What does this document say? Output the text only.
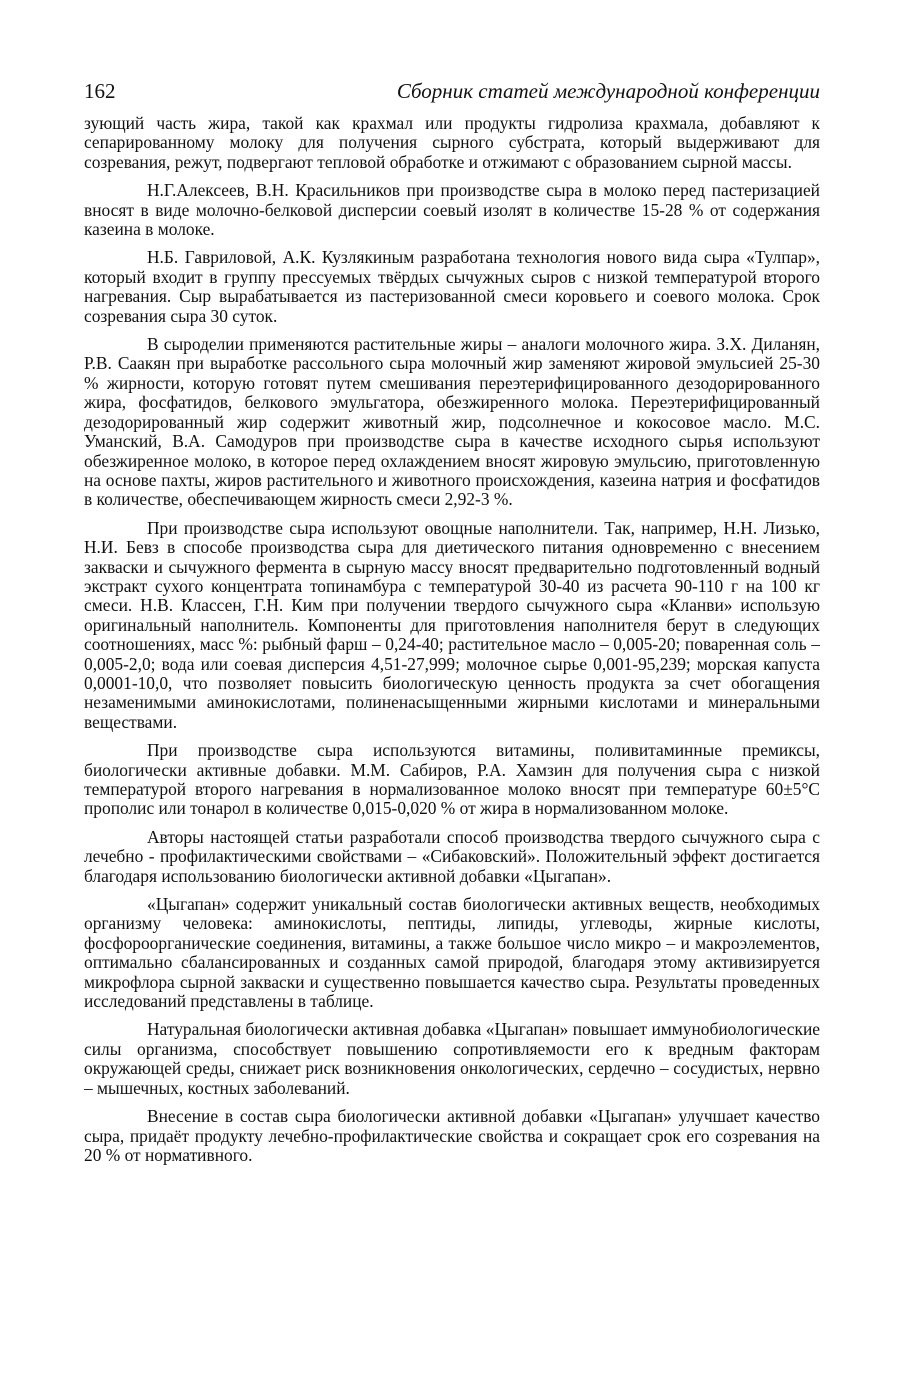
162	Сборник статей международной конференции

зующий часть жира, такой как крахмал или продукты гидролиза крахмала, добавляют к сепарированному молоку для получения сырного субстрата, который выдерживают для созревания, режут, подвергают тепловой обработке и отжимают с образованием сырной массы.

Н.Г.Алексеев, В.Н. Красильников при производстве сыра в молоко перед пастеризацией вносят в виде молочно-белковой дисперсии соевый изолят в количестве 15-28 % от содержания казеина в молоке.

Н.Б. Гавриловой, А.К. Кузлякиным разработана технология нового вида сыра «Тулпар», который входит в группу прессуемых твёрдых сычужных сыров с низкой температурой второго нагревания. Сыр вырабатывается из пастеризованной смеси коровьего и соевого молока. Срок созревания сыра 30 суток.

В сыроделии применяются растительные жиры – аналоги молочного жира. З.Х. Диланян, Р.В. Саакян при выработке рассольного сыра молочный жир заменяют жировой эмульсией 25-30 % жирности, которую готовят путем смешивания переэтерифицированного дезодорированного жира, фосфатидов, белкового эмульгатора, обезжиренного молока. Переэтерифицированный дезодорированный жир содержит животный жир, подсолнечное и кокосовое масло. М.С. Уманский, В.А. Самодуров при производстве сыра в качестве исходного сырья используют обезжиренное молоко, в которое перед охлаждением вносят жировую эмульсию, приготовленную на основе пахты, жиров растительного и животного происхождения, казеина натрия и фосфатидов в количестве, обеспечивающем жирность смеси 2,92-3 %.

При производстве сыра используют овощные наполнители. Так, например, Н.Н. Лизько, Н.И. Бевз в способе производства сыра для диетического питания одновременно с внесением закваски и сычужного фермента в сырную массу вносят предварительно подготовленный водный экстракт сухого концентрата топинамбура с температурой 30-40 из расчета 90-110 г на 100 кг смеси. Н.В. Классен, Г.Н. Ким при получении твердого сычужного сыра «Кланви» использую оригинальный наполнитель. Компоненты для приготовления наполнителя берут в следующих соотношениях, масс %: рыбный фарш – 0,24-40; растительное масло – 0,005-20; поваренная соль – 0,005-2,0; вода или соевая дисперсия 4,51-27,999; молочное сырье 0,001-95,239; морская капуста 0,0001-10,0, что позволяет повысить биологическую ценность продукта за счет обогащения незаменимыми аминокислотами, полиненасыщенными жирными кислотами и минеральными веществами.

При производстве сыра используются витамины, поливитаминные премиксы, биологически активные добавки. М.М. Сабиров, Р.А. Хамзин для получения сыра с низкой температурой второго нагревания в нормализованное молоко вносят при температуре 60±5°С прополис или тонарол в количестве 0,015-0,020 % от жира в нормализованном молоке.

Авторы настоящей статьи разработали способ производства твердого сычужного сыра с лечебно - профилактическими свойствами – «Сибаковский». Положительный эффект достигается благодаря использованию биологически активной добавки «Цыгапан».

«Цыгапан» содержит уникальный состав биологически активных веществ, необходимых организму человека: аминокислоты, пептиды, липиды, углеводы, жирные кислоты, фосфороорганические соединения, витамины, а также большое число микро – и макроэлементов, оптимально сбалансированных и созданных самой природой, благодаря этому активизируется микрофлора сырной закваски и существенно повышается качество сыра. Результаты проведенных исследований представлены в таблице.

Натуральная биологически активная добавка «Цыгапан» повышает иммунобиологические силы организма, способствует повышению сопротивляемости его к вредным факторам окружающей среды, снижает риск возникновения онкологических, сердечно – сосудистых, нервно – мышечных, костных заболеваний.

Внесение в состав сыра биологически активной добавки «Цыгапан» улучшает качество сыра, придаёт продукту лечебно-профилактические свойства и сокращает срок его созревания на 20 % от нормативного.
